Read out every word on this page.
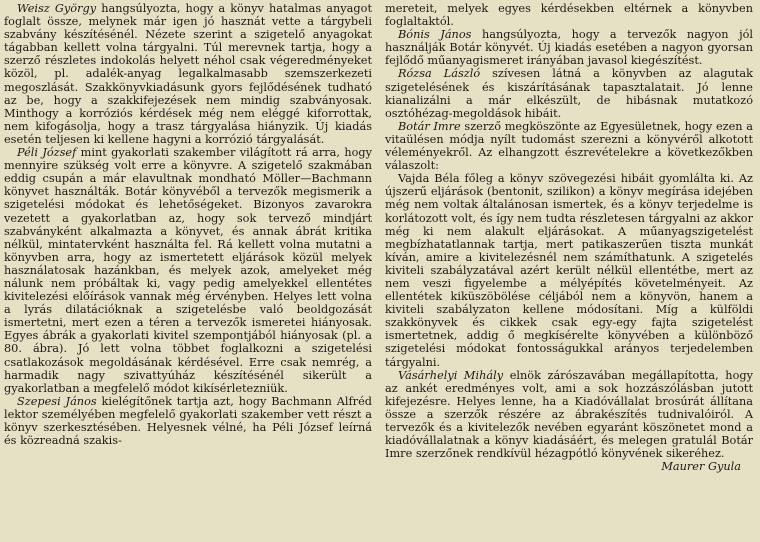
Weisz György hangsúlyozta, hogy a könyv hatalmas anyagot foglalt össze, melynek már igen jó hasznát vette a tárgybeli szabvány készítésénél. Nézete szerint a szigetelő anyagokat tágabban kellett volna tárgyalni. Túl merevnek tartja, hogy a szerző részletes indokolás helyett néhol csak végeredményeket közöl, pl. adalék-anyag legalkalmasabb szemszerkezeti megoszlását. Szakkönyvkiadásunk gyors fejlődésének tudható az be, hogy a szakkifejezések nem mindig szabványosak. Minthogy a korróziós kérdések még nem eléggé kiforrottak, nem kifogásolja, hogy a trasz tárgyalása hiányzik. Új kiadás esetén teljesen ki kellene hagyni a korrózió tárgyalását.

Péli József mint gyakorlati szakember világított rá arra, hogy mennyire szükség volt erre a könyvre. A szigetelő szakmában eddig csupán a már elavultnak mondható Möller—Bachmann könyvet használták. Botár könyvéből a tervezők megismerik a szigetelési módokat és lehetőségeket. Bizonyos zavarokra vezetett a gyakorlatban az, hogy sok tervező mindjárt szabványként alkalmazta a könyvet, és annak ábrát kritika nélkül, mintatervként használta fel. Rá kellett volna mutatni a könyvben arra, hogy az ismertetett eljárások közül melyek használatosak hazánkban, és melyek azok, amelyeket még nálunk nem próbáltak ki, vagy pedig amelyekkel ellentétes kivitelezési előírások vannak még érvényben. Helyes lett volna a lyrás dilatációknak a szigetelésbe való beoldgozását ismertetni, mert ezen a téren a tervezők ismeretei hiányosak. Egyes ábrák a gyakorlati kivitel szempontjából hiányosak (pl. a 80. ábra). Jó lett volna többet foglalkozni a szigetelési csatlakozások megoldásának kérdésével. Erre csak nemrég, a harmadik nagy szivattyúház készítésénél sikerült a gyakorlatban a megfelelő módot kikísérletezniük.

Szepesi János kielégítőnek tartja azt, hogy Bachmann Alfréd lektor személyében megfelelő gyakorlati szakember vett részt a könyv szerkesztésében. Helyesnek vélné, ha Péli József leírná és közreadná szakis-

mereteit, melyek egyes kérdésekben eltérnek a könyvben foglaltaktól.

Bónis János hangsúlyozta, hogy a tervezők nagyon jól használják Botár könyvét. Új kiadás esetében a nagyon gyorsan fejlődő műanyagismeret irányában javasol kiegészítést.

Rózsa László szívesen látná a könyvben az alagutak szigetelésének és kiszárításának tapasztalatait. Jó lenne kianalizálni a már elkészült, de hibásnak mutatkozó osztóhézag-megoldások hibáit.

Botár Imre szerző megköszönte az Egyesületnek, hogy ezen a vitaülésen módja nyílt tudomást szerezni a könyvéről alkotott véleményekről. Az elhangzott észrevételekre a következőkben válaszolt:

Vajda Béla főleg a könyv szövegezési hibáit gyomlálta ki. Az újszerű eljárások (bentonit, szilikon) a könyv megírása idejében még nem voltak általánosan ismertek, és a könyv terjedelme is korlátozott volt, és így nem tudta részletesen tárgyalni az akkor még ki nem alakult eljárásokat. A műanyagszigetelést megbízhatatlannak tartja, mert patikaszerűen tiszta munkát kíván, amire a kivitelezésnél nem számíthatunk. A szigetelés kiviteli szabályzatával azért került nélkül ellentétbe, mert az nem veszi figyelembe a mélyépítés követelményeit. Az ellentétek kiküszöbölése céljából nem a könyvön, hanem a kiviteli szabályzaton kellene módosítani. Míg a külföldi szakkönyvek és cikkek csak egy-egy fajta szigetelést ismertetnek, addig ő megkísérelte könyvében a különböző szigetelési módokat fontosságukkal arányos terjedelemben tárgyalni.

Vásárhelyi Mihály elnök zárószavában megállapította, hogy az ankét eredményes volt, ami a sok hozzászólásban jutott kifejezésre. Helyes lenne, ha a Kiadóvállalat brosúrát állítana össze a szerzők részére az ábrakészítés tudnivalóiról. A tervezők és a kivitelezők nevében egyaránt köszönetet mond a kiadóvállalatnak a könyv kiadásáért, és melegen gratulál Botár Imre szerzőnek rendkívül hézagpótló könyvének sikeréhez.

Maurer Gyula
